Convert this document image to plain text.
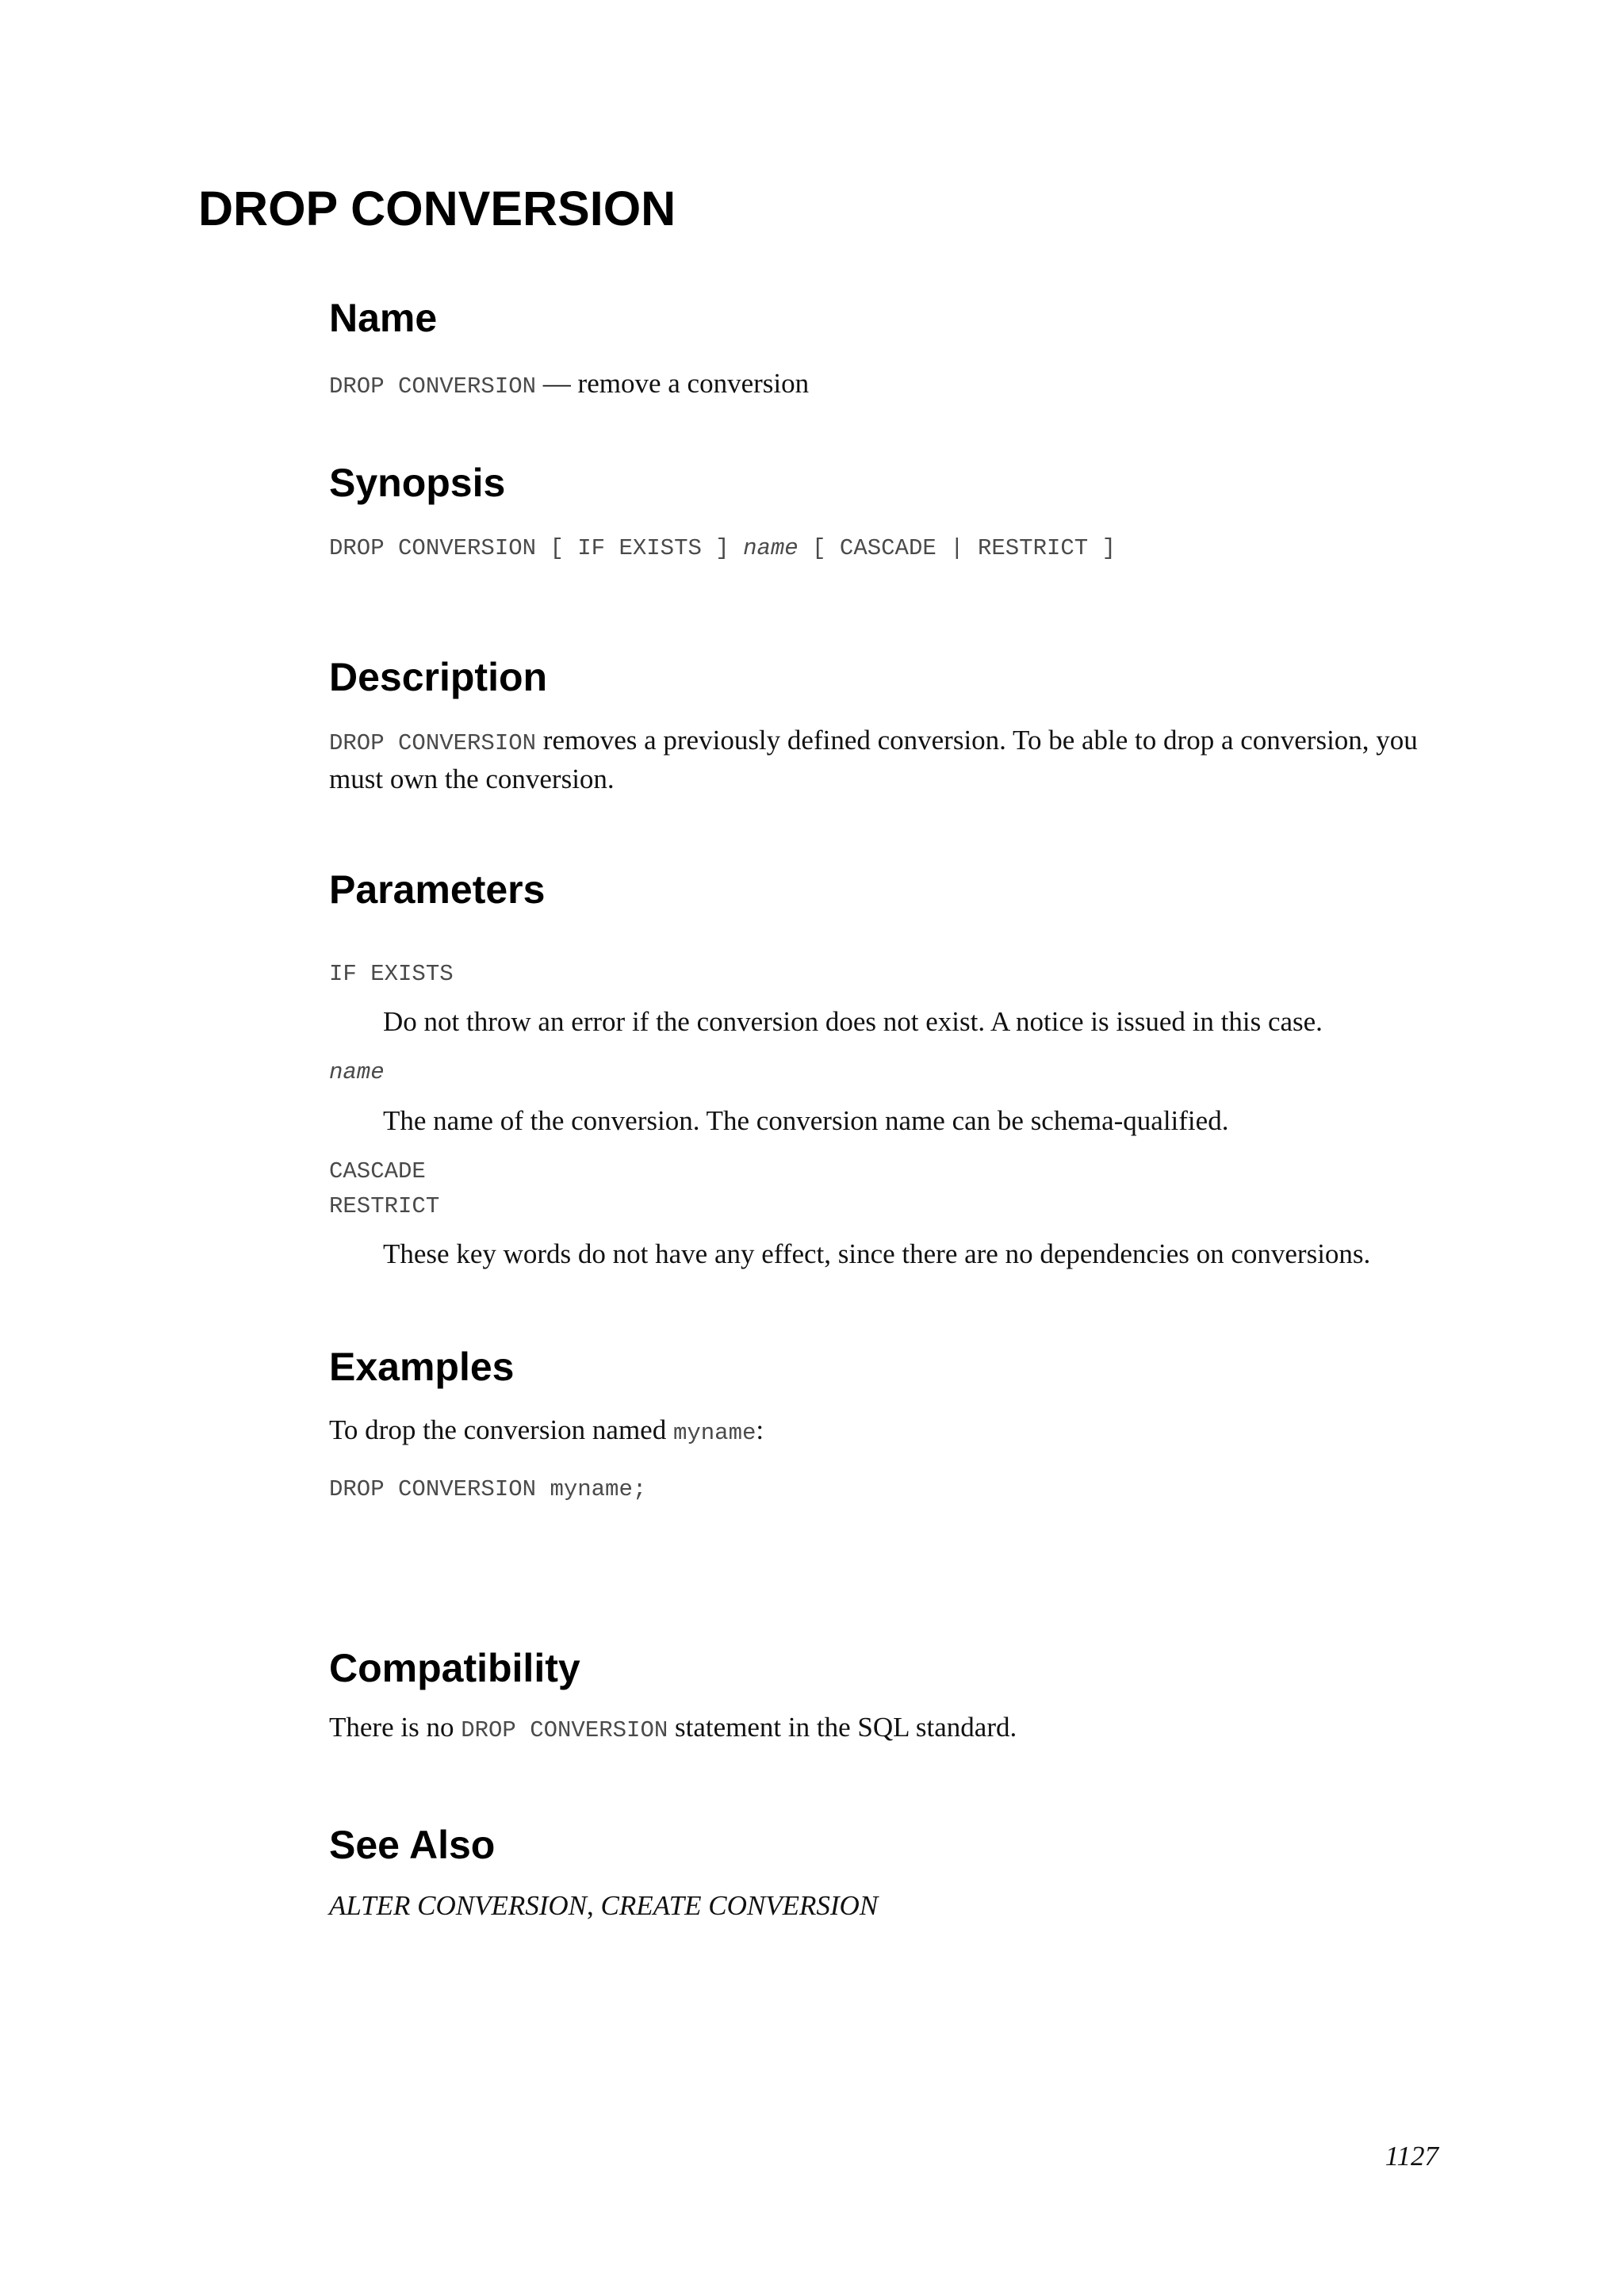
DROP CONVERSION
Name

DROP CONVERSION — remove a conversion

Synopsis

DROP CONVERSION [ IF EXISTS ] name [ CASCADE | RESTRICT ]

Description

DROP CONVERSION removes a previously defined conversion. To be able to drop a conversion, you must own the conversion.

Parameters

IF EXISTS

Do not throw an error if the conversion does not exist. A notice is issued in this case.

name

The name of the conversion. The conversion name can be schema-qualified.

CASCADE

RESTRICT

These key words do not have any effect, since there are no dependencies on conversions.

Examples

To drop the conversion named myname:

DROP CONVERSION myname;

Compatibility

There is no DROP CONVERSION statement in the SQL standard.

See Also

ALTER CONVERSION, CREATE CONVERSION

1127
